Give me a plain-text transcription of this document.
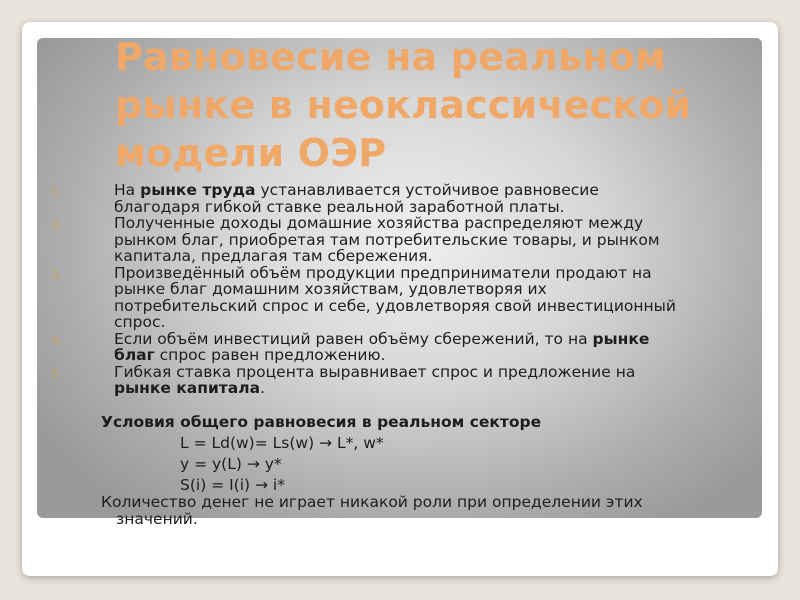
Равновесие на реальном рынке в неоклассической модели ОЭР
1.	На рынке труда устанавливается устойчивое равновесие
благодаря гибкой ставке реальной заработной платы.
2.	Полученные доходы домашние хозяйства распределяют между
рынком благ, приобретая там потребительские товары, и рынком
капитала, предлагая там сбережения.
3.	Произведённый объём продукции предприниматели продают на
рынке благ домашним хозяйствам, удовлетворяя их
потребительский спрос и себе, удовлетворяя свой инвестиционный
спрос.
4.	Если объём инвестиций равен объёму сбережений, то на рынке
благ спрос равен предложению.
5.	Гибкая ставка процента выравнивает спрос и предложение на
рынке капитала.

Условия общего равновесия в реальном секторе

L = Ld(w)= Ls(w) → L*, w*

y = y(L) → y*

S(i) = I(i) → i*

Количество денег не играет никакой роли при определении этих
значений.
